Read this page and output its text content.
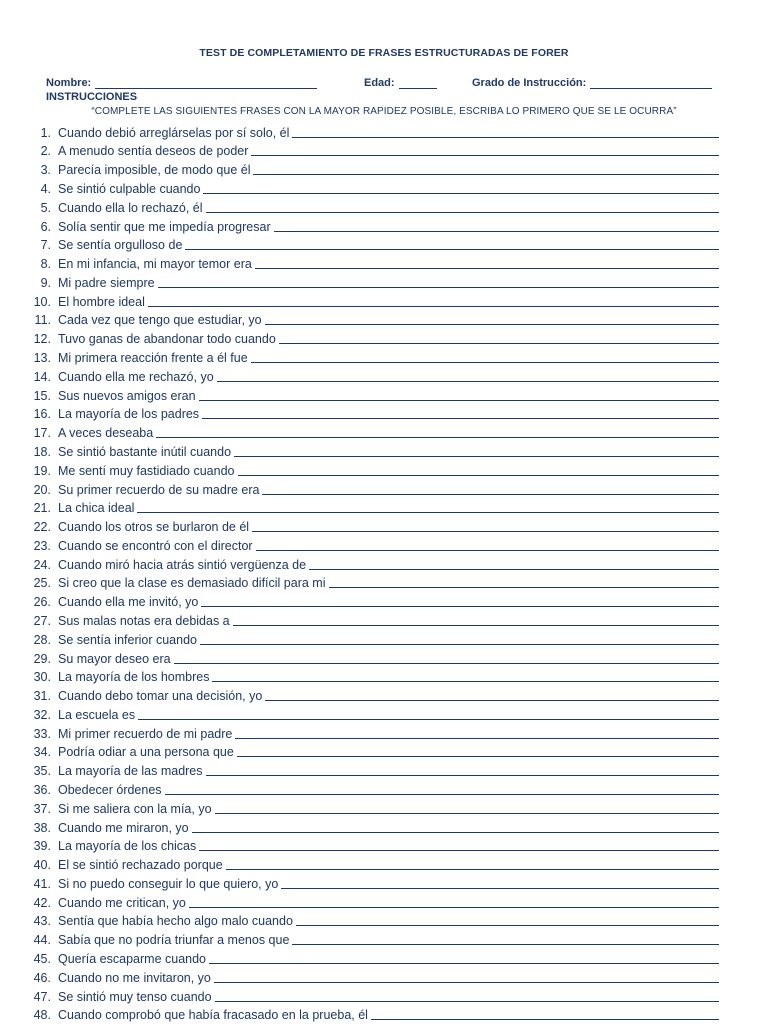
TEST DE COMPLETAMIENTO DE FRASES ESTRUCTURADAS DE FORER
Nombre:	Edad:	Grado de Instrucción:
INSTRUCCIONES
“COMPLETE LAS SIGUIENTES FRASES CON LA MAYOR RAPIDEZ POSIBLE, ESCRIBA LO PRIMERO QUE SE LE OCURRA”
1. Cuando debió arreglárselas por sí solo, él
2. A menudo sentía deseos de poder
3. Parecía imposible, de modo que él
4. Se sintió culpable cuando
5. Cuando ella lo rechazó, él
6. Solía sentir que me impedía progresar
7. Se sentía orgulloso de
8. En mi infancia, mi mayor temor era
9. Mi padre siempre
10. El hombre ideal
11. Cada vez que tengo que estudiar, yo
12. Tuvo ganas de abandonar todo cuando
13. Mi primera reacción frente a él fue
14. Cuando ella me rechazó, yo
15. Sus nuevos amigos eran
16. La mayoría de los padres
17. A veces deseaba
18. Se sintió bastante inútil cuando
19. Me sentí muy fastidiado cuando
20. Su primer recuerdo de su madre era
21. La chica ideal
22. Cuando los otros se burlaron de él
23. Cuando se encontró con el director
24. Cuando miró hacia atrás sintió vergüenza de
25. Si creo que la clase es demasiado difícil para mi
26. Cuando ella me invitó, yo
27. Sus malas notas era debidas a
28. Se sentía inferior cuando
29. Su mayor deseo era
30. La mayoría de los hombres
31. Cuando debo tomar una decisión, yo
32. La escuela es
33. Mi primer recuerdo de mi padre
34. Podría odiar a una persona que
35. La mayoría de las madres
36. Obedecer órdenes
37. Si me saliera con la mía, yo
38. Cuando me miraron, yo
39. La mayoría de los chicas
40. El se sintió rechazado porque
41. Si no puedo conseguir lo que quiero, yo
42. Cuando me critican, yo
43. Sentía que había hecho algo malo cuando
44. Sabía que no podría triunfar a menos que
45. Quería escaparme cuando
46. Cuando no me invitaron, yo
47. Se sintió muy tenso cuando
48. Cuando comprobó que había fracasado en la prueba, él
